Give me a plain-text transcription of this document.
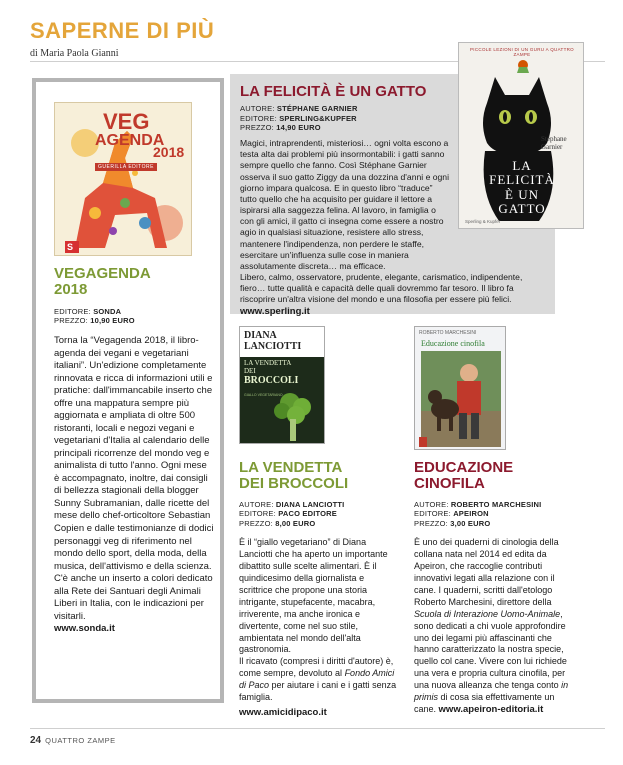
SAPERNE DI PIÙ
di Maria Paola Gianni
VEG
AGENDA
2018
GUERILLA EDITORE
S
VEGAGENDA
2018
EDITORE: SONDA
PREZZO: 10,90 EURO

Torna la “Vegagenda 2018, il libro-agenda dei vegani e vegetariani italiani”. Un'edizione completamente rinnovata e ricca di informazioni utili e pratiche: dall'immancabile inserto che offre una mappatura sempre più aggiornata e ampliata di oltre 500 ristoranti, locali e negozi vegani e vegetariani d'Italia al calendario delle principali ricorrenze del mondo veg e animalista di tutto l'anno. Ogni mese è accompagnato, inoltre, dai consigli di bellezza stagionali della blogger Sunny Subramanian, dalle ricette del mese dello chef-orticoltore Sebastian Copien e dalle testimonianze di dodici personaggi veg di riferimento nel mondo dello sport, della moda, della musica, dell'attivismo e della scienza. C'è anche un inserto a colori dedicato alla Rete dei Santuari degli Animali Liberi in Italia, con le indicazioni per visitarli.

www.sonda.it

PICCOLE LEZIONI DI UN GURU A QUATTRO ZAMPE
Stéphane Garnier
LA
FELICITÀ
È UN
GATTO
Sperling & Kupfer
LA FELICITÀ È UN GATTO
AUTORE: STÉPHANE GARNIER
EDITORE: SPERLING&KUPFER
PREZZO: 14,90 EURO

Magici, intraprendenti, misteriosi… ogni volta escono a testa alta dai problemi più insormontabili: i gatti sanno sempre quello che fanno. Così Stéphane Garnier osserva il suo gatto Ziggy da una dozzina d'anni e ogni giorno impara qualcosa. E in questo libro “traduce” tutto quello che ha acquisito per guidare il lettore a ispirarsi alla saggezza felina. Al lavoro, in famiglia o con gli amici, il gatto ci insegna come essere a nostro agio in qualsiasi situazione, resistere allo stress, mantenere l'indipendenza, non perdere le staffe, esercitare un'influenza sulle cose in maniera assolutamente discreta… ma efficace.

Libero, calmo, osservatore, prudente, elegante, carismatico, indipendente, fiero… tutte qualità e capacità delle quali dovremmo far tesoro. Il libro fa riscoprire un'altra visione del mondo e una filosofia per essere più felici. www.sperling.it

DIANA
LANCIOTTI
LA VENDETTA
DEI
BROCCOLI
GIALLO VEGETARIANO
LA VENDETTA
DEI BROCCOLI
AUTORE: DIANA LANCIOTTI
EDITORE: PACO EDITORE
PREZZO: 8,00 EURO

È il “giallo vegetariano” di Diana Lanciotti che ha aperto un importante dibattito sulle scelte alimentari. È il quindicesimo della giornalista e scrittrice che propone una storia intrigante, stupefacente, macabra, irriverente, ma anche ironica e divertente, come nel suo stile, ambientata nel mondo dell'alta gastronomia.

Il ricavato (compresi i diritti d'autore) è, come sempre, devoluto al Fondo Amici di Paco per aiutare i cani e i gatti senza famiglia.

www.amicidipaco.it

ROBERTO MARCHESINI
Educazione cinofila
EDUCAZIONE
CINOFILA
AUTORE: ROBERTO MARCHESINI
EDITORE: APEIRON
PREZZO: 3,00 EURO

È uno dei quaderni di cinologia della collana nata nel 2014 ed edita da Apeiron, che raccoglie contributi innovativi legati alla relazione con il cane. I quaderni, scritti dall'etologo Roberto Marchesini, direttore della Scuola di Interazione Uomo-Animale, sono dedicati a chi vuole approfondire uno dei legami più affascinanti che hanno caratterizzato la nostra specie, quello col cane. Vivere con lui richiede una vera e propria cultura cinofila, per una nuova alleanza che tenga conto in primis di cosa sia effettivamente un cane. www.apeiron-editoria.it

24 QUATTRO ZAMPE
